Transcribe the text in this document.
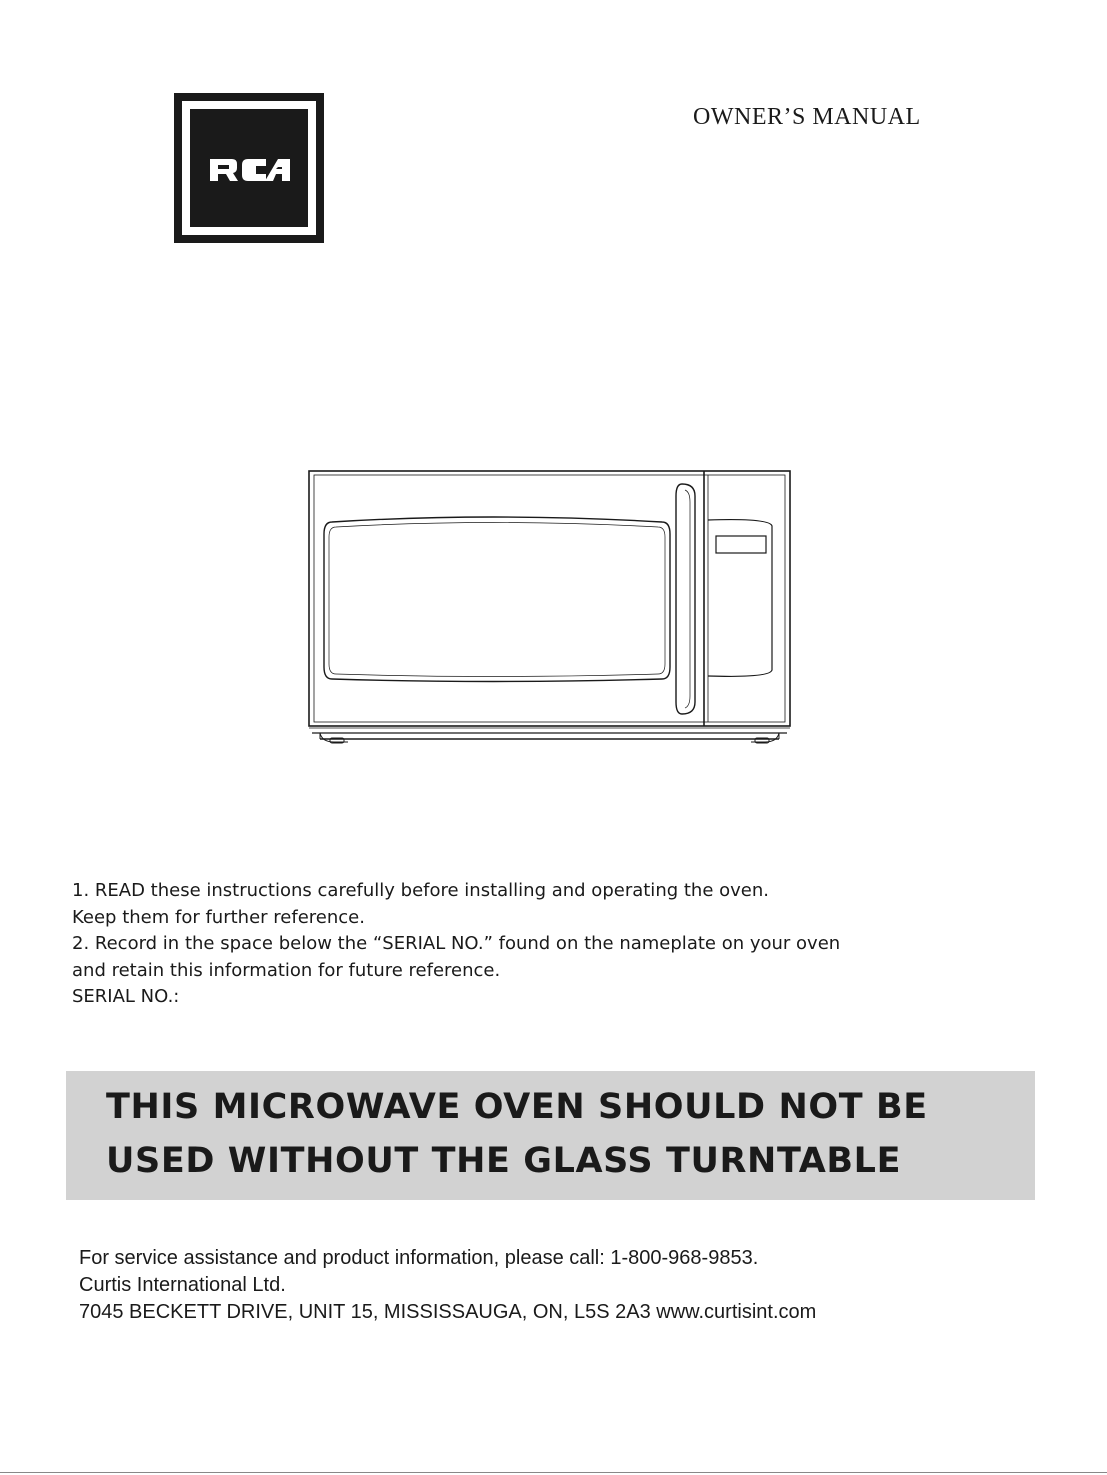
OWNER’S MANUAL

1. READ these instructions carefully before installing and operating the oven.

Keep them for further reference.

2. Record in the space below the “SERIAL NO.” found on the nameplate on your oven

and retain this information for future reference.

SERIAL NO.:

THIS MICROWAVE OVEN SHOULD NOT BE
USED WITHOUT THE GLASS TURNTABLE

For service assistance and product information, please call: 1-800-968-9853.

Curtis International Ltd.

7045 BECKETT DRIVE, UNIT 15, MISSISSAUGA, ON, L5S 2A3 www.curtisint.com
